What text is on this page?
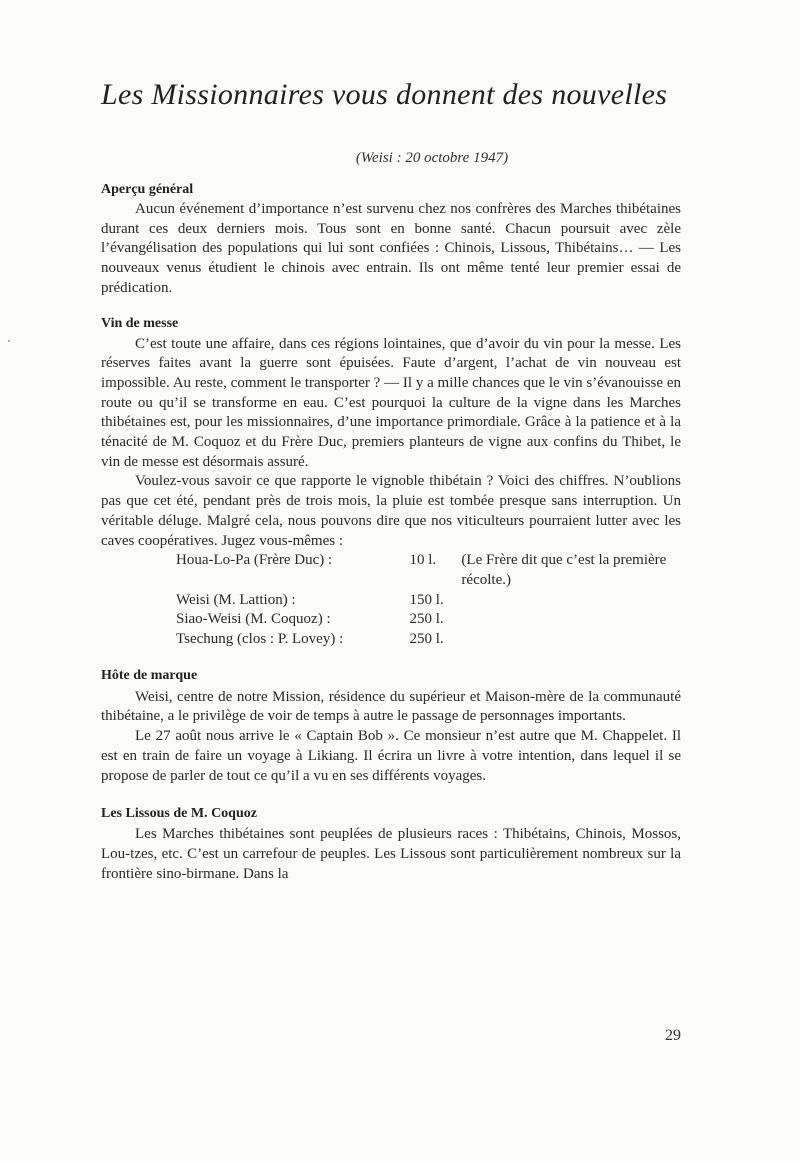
Les Missionnaires vous donnent des nouvelles
(Weisi : 20 octobre 1947)
Aperçu général

Aucun événement d’importance n’est survenu chez nos confrères des Marches thibétaines durant ces deux derniers mois. Tous sont en bonne santé. Chacun poursuit avec zèle l’évangélisation des populations qui lui sont confiées : Chinois, Lissous, Thibétains… — Les nouveaux venus étudient le chinois avec entrain. Ils ont même tenté leur premier essai de prédication.

Vin de messe

C’est toute une affaire, dans ces régions lointaines, que d’avoir du vin pour la messe. Les réserves faites avant la guerre sont épuisées. Faute d’argent, l’achat de vin nouveau est impossible. Au reste, comment le transporter ? — Il y a mille chances que le vin s’évanouisse en route ou qu’il se transforme en eau. C’est pourquoi la culture de la vigne dans les Marches thibétaines est, pour les missionnaires, d’une importance primordiale. Grâce à la patience et à la ténacité de M. Coquoz et du Frère Duc, premiers planteurs de vigne aux confins du Thibet, le vin de messe est désormais assuré.

Voulez-vous savoir ce que rapporte le vignoble thibétain ? Voici des chiffres. N’oublions pas que cet été, pendant près de trois mois, la pluie est tombée presque sans interruption. Un véritable déluge. Malgré cela, nous pouvons dire que nos viticulteurs pourraient lutter avec les caves coopératives. Jugez vous-mêmes :

Houa-Lo-Pa (Frère Duc) :	10 l.	(Le Frère dit que c’est la première récolte.)
Weisi (M. Lattion) :	150 l.	
Siao-Weisi (M. Coquoz) :	250 l.	
Tsechung (clos : P. Lovey) :	250 l.	
Hôte de marque

Weisi, centre de notre Mission, résidence du supérieur et Maison-mère de la communauté thibétaine, a le privilège de voir de temps à autre le passage de personnages importants.

Le 27 août nous arrive le « Captain Bob ». Ce monsieur n’est autre que M. Chappelet. Il est en train de faire un voyage à Likiang. Il écrira un livre à votre intention, dans lequel il se propose de parler de tout ce qu’il a vu en ses différents voyages.

Les Lissous de M. Coquoz

Les Marches thibétaines sont peuplées de plusieurs races : Thibétains, Chinois, Mossos, Lou-tzes, etc. C’est un carrefour de peuples. Les Lissous sont particulièrement nombreux sur la frontière sino-birmane. Dans la

29
